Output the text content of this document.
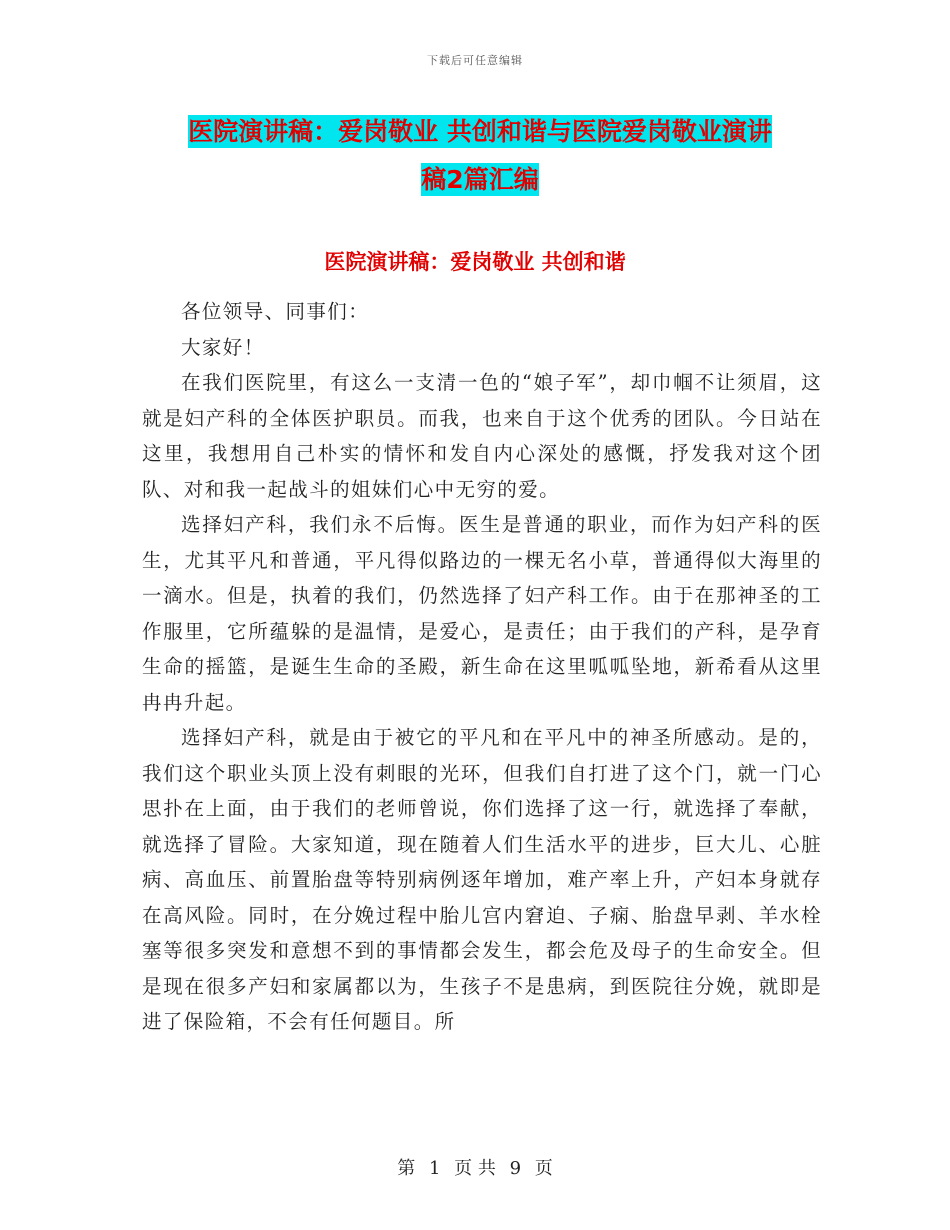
下载后可任意编辑
医院演讲稿：爱岗敬业 共创和谐与医院爱岗敬业演讲
稿2篇汇编
医院演讲稿：爱岗敬业 共创和谐

各位领导、同事们：

大家好！

在我们医院里，有这么一支清一色的“娘子军”，却巾帼不让须眉，这就是妇产科的全体医护职员。而我，也来自于这个优秀的团队。今日站在这里，我想用自己朴实的情怀和发自内心深处的感慨，抒发我对这个团队、对和我一起战斗的姐妹们心中无穷的爱。

选择妇产科，我们永不后悔。医生是普通的职业，而作为妇产科的医生，尤其平凡和普通，平凡得似路边的一棵无名小草，普通得似大海里的一滴水。但是，执着的我们，仍然选择了妇产科工作。由于在那神圣的工作服里，它所蕴躲的是温情，是爱心，是责任；由于我们的产科，是孕育生命的摇篮，是诞生生命的圣殿，新生命在这里呱呱坠地，新希看从这里冉冉升起。

选择妇产科，就是由于被它的平凡和在平凡中的神圣所感动。是的，我们这个职业头顶上没有刺眼的光环，但我们自打进了这个门，就一门心思扑在上面，由于我们的老师曾说，你们选择了这一行，就选择了奉献，就选择了冒险。大家知道，现在随着人们生活水平的进步，巨大儿、心脏病、高血压、前置胎盘等特别病例逐年增加，难产率上升，产妇本身就存在高风险。同时，在分娩过程中胎儿宫内窘迫、子痫、胎盘早剥、羊水栓塞等很多突发和意想不到的事情都会发生，都会危及母子的生命安全。但是现在很多产妇和家属都以为，生孩子不是患病，到医院往分娩，就即是进了保险箱，不会有任何题目。所

第 1 页 共 9 页
